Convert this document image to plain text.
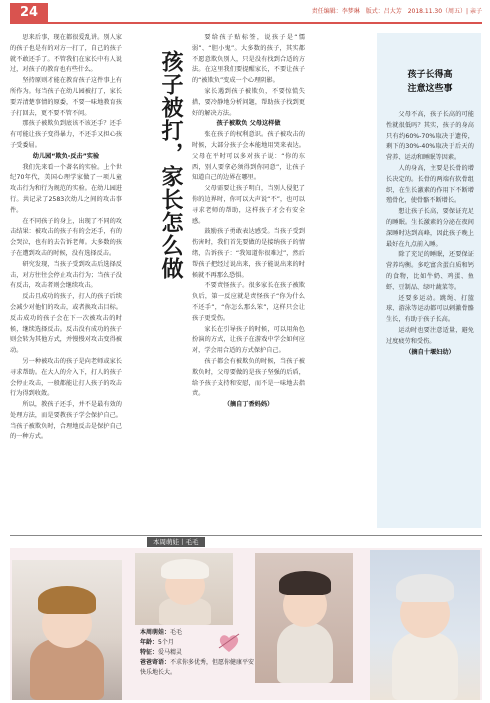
24	责任编辑：李梦琳　版式：吕大芳　2018.11.30（周五）| 亲子

思来后事，现在都很爱乱讲。别人家的孩子也是有的对方一打了，自己的孩子就不敢还手了。不管我们在家长中有人说过，对孩子的教育也有些什么。

坚持原则才能在教育孩子这件事上有所作为。每当孩子在幼儿园被打了，家长要弄清楚事情的原委，不要一味地教育孩子打回去，更不要不管不问。

那孩子被欺负到底该不该还手？还手有可能让孩子变得暴力，不还手又担心孩子受委屈。

幼儿园“欺负-反击”实验

我们先来看一个著名的实验。上个世纪70年代，美国心理学家做了一项儿童攻击行为和行为规范的实验。在幼儿园进行。共记录了2583次幼儿之间的攻击事件。

在不同孩子的身上，出现了不同的攻击结果：被攻击的孩子有的会还手，有的会哭泣，也有的去告诉老师。大多数的孩子在遭到攻击的时候，没有选择反击。

研究发现，当孩子受到攻击后选择反击，对方往往会停止攻击行为；当孩子没有反击，攻击者则会继续攻击。

反击且成功的孩子，打人的孩子后续会减少对他们的攻击，或者换攻击目标。反击成功的孩子会在下一次被攻击的时候，继续选择反击。反击没有成功的孩子则会转为其他方式，并慢慢对攻击变得被动。

另一种被攻击的孩子是向老师或家长寻求帮助。在大人的介入下，打人的孩子会停止攻击，一般都能让打人孩子的攻击行为得到收敛。

所以，教孩子还手，并不是最有效的处理方法，而是要教孩子学会保护自己。当孩子被欺负时，合理地反击是保护自己的一种方式。

孩子被打，家长怎么做

要给孩子贴标签，说孩子是“懦弱”、“胆小鬼”。大多数的孩子，其实都不愿意欺负别人，只是没有找到合适的方法。在这里我们要提醒家长，不要让孩子的“被欺负”变成一个心理阴影。

家长遇到孩子被欺负，不要惊慌失措，要冷静地分析问题，帮助孩子找到更好的解决方法。

孩子被欺负 父母这样做

张在孩子的权利意识。孩子被攻击的时候，大部分孩子会本能地用哭来表达。父母在平时可以多对孩子说：“你的东西，别人要拿必须得到你同意”，让孩子知道自己的边界在哪里。

父母需要让孩子明白，当别人侵犯了你的边界时，你可以大声说“不”，也可以寻求老师的帮助，这样孩子才会有安全感。

鼓励孩子勇敢表达感受。当孩子受到伤害时，我们首先要做的是接纳孩子的情绪，告诉孩子：“我知道你很难过”，然后帮孩子把经过说出来，孩子能说出来的时候就不再那么恐惧。

不要责怪孩子。很多家长在孩子被欺负后，第一反应就是责怪孩子“你为什么不还手”，“你怎么那么笨”，这样只会让孩子更受伤。

家长在引导孩子的时候，可以用角色扮演的方式，让孩子在游戏中学会如何应对，学会用合适的方式保护自己。

孩子都会有被欺负的时候，当孩子被欺负时，父母要做的是孩子坚强的后盾，给予孩子支持和安慰，而不是一味地去指责。

（摘自丁香妈妈）

孩子长得高
注意这些事

父母不高，孩子长高的可能性就很低吗？其实，孩子的身高只有约60%-70%取决于遗传，剩下的30%-40%取决于后天的营养、运动和睡眠等因素。

人的身高，主要是长骨的增长决定的。长骨的两端有软骨组织，在生长激素的作用下不断增殖骨化，使骨骼不断增长。

想让孩子长高，要保证充足的睡眠。生长激素的分泌在夜间深睡时达到高峰，因此孩子晚上最好在九点前入睡。

除了充足的睡眠，还要保证营养均衡。多吃富含蛋白质和钙的食物，比如牛奶、鸡蛋、鱼虾、豆制品、绿叶蔬菜等。

还要多运动。跳绳、打篮球、游泳等运动都可以刺激骨骼生长，有助于孩子长高。

运动时也要注意适量，避免过度疲劳和受伤。

（摘自十堰妇幼）

本周萌娃丨毛毛
本周萌娃：毛毛
年龄：5个月
特征：爱马精灵
爸爸寄语：不求你多优秀，但愿你健康平安快乐地长大。
